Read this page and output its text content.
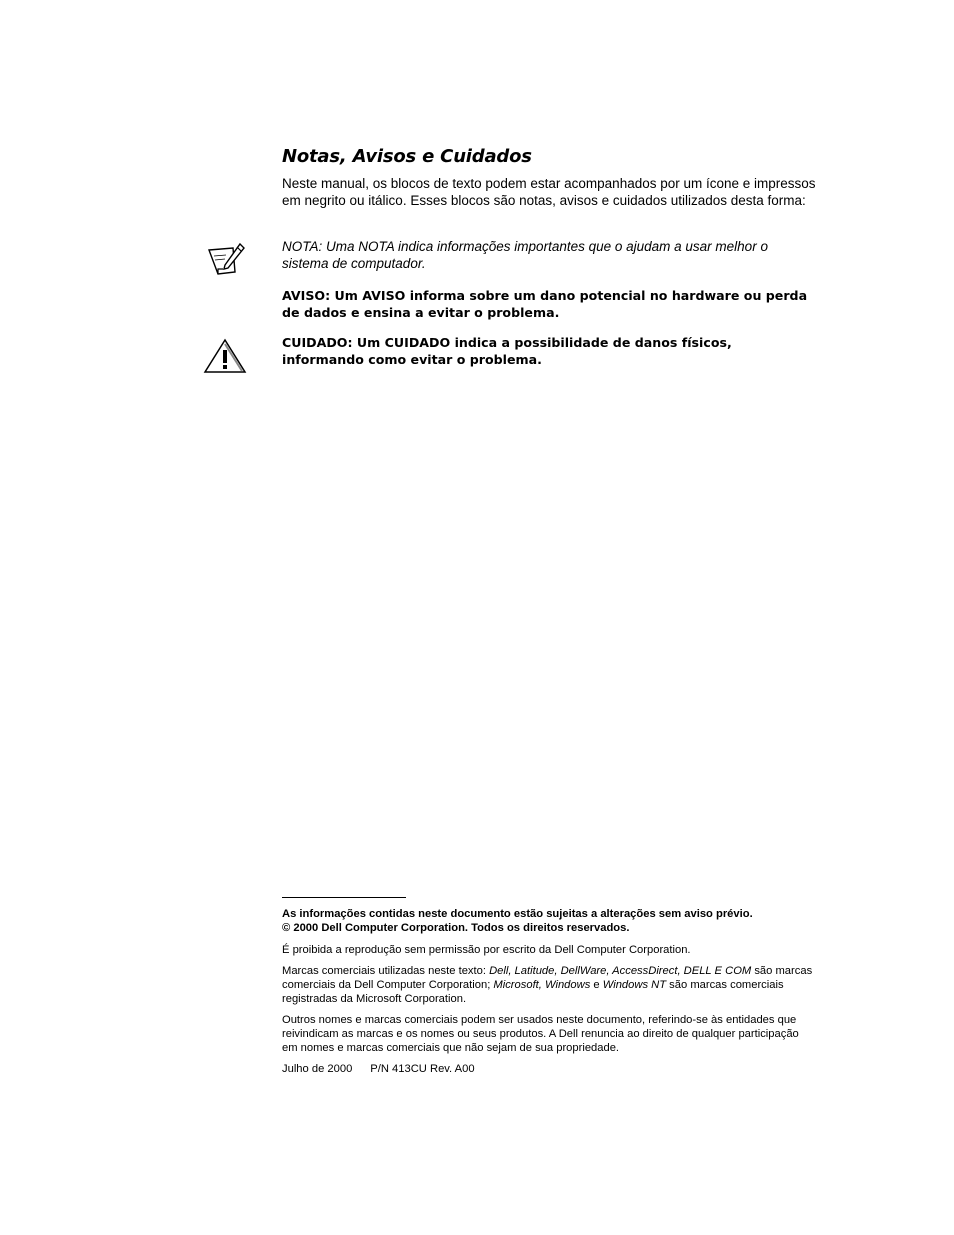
Notas, Avisos e Cuidados

Neste manual, os blocos de texto podem estar acompanhados por um ícone e impressos em negrito ou itálico. Esses blocos são notas, avisos e cuidados utilizados desta forma:

NOTA: Uma NOTA indica informações importantes que o ajudam a usar melhor o sistema de computador.

AVISO: Um AVISO informa sobre um dano potencial no hardware ou perda de dados e ensina a evitar o problema.

CUIDADO: Um CUIDADO indica a possibilidade de danos físicos, informando como evitar o problema.

As informações contidas neste documento estão sujeitas a alterações sem aviso prévio.

© 2000 Dell Computer Corporation. Todos os direitos reservados.

É proibida a reprodução sem permissão por escrito da Dell Computer Corporation.

Marcas comerciais utilizadas neste texto: Dell, Latitude, DellWare, AccessDirect, DELL E COM são marcas comerciais da Dell Computer Corporation; Microsoft, Windows e Windows NT são marcas comerciais registradas da Microsoft Corporation.

Outros nomes e marcas comerciais podem ser usados neste documento, referindo-se às entidades que reivindicam as marcas e os nomes ou seus produtos. A Dell renuncia ao direito de qualquer participação em nomes e marcas comerciais que não sejam de sua propriedade.

Julho de 2000 P/N 413CU Rev. A00
